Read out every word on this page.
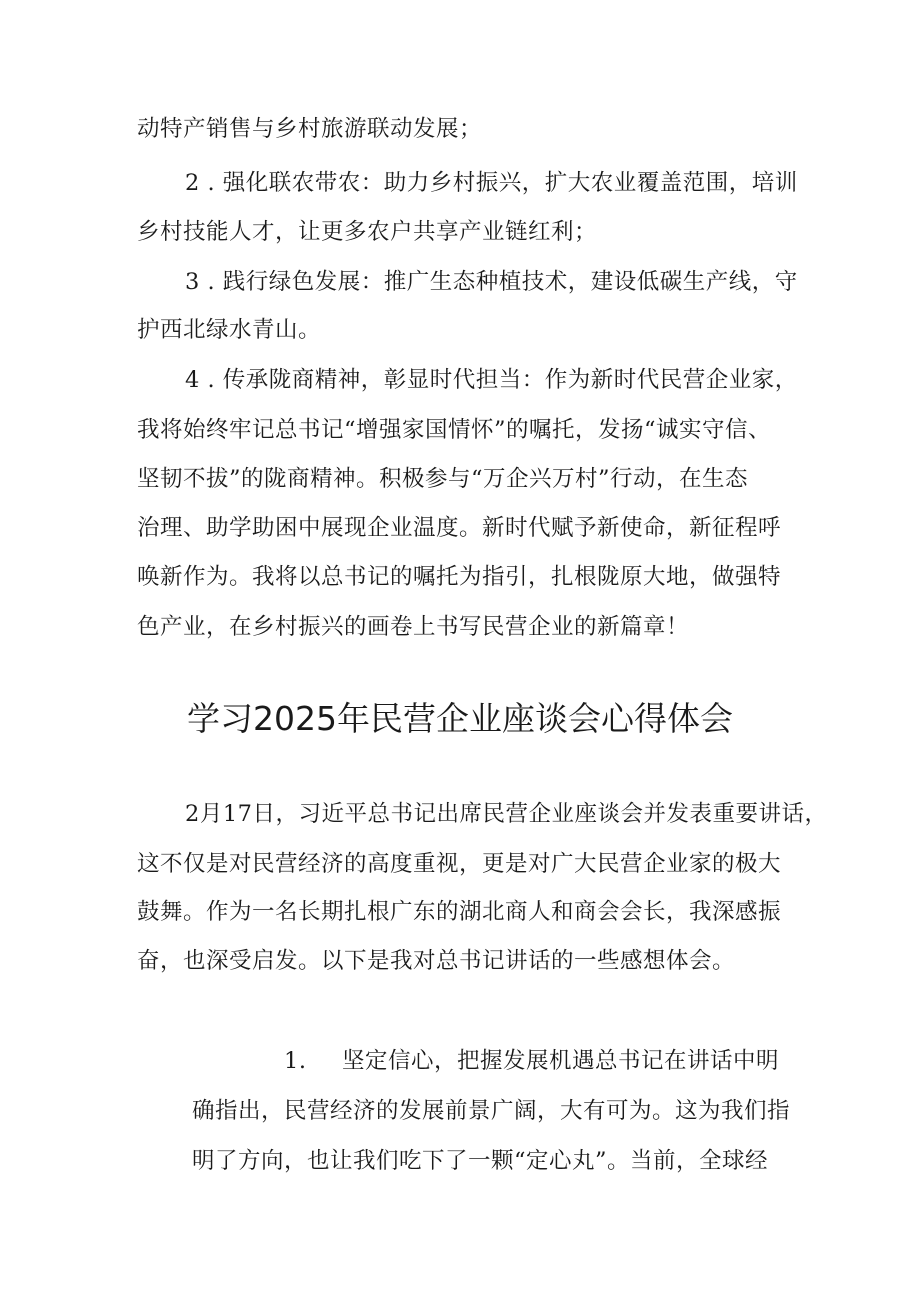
动特产销售与乡村旅游联动发展；
2 . 强化联农带农：助力乡村振兴，扩大农业覆盖范围，培训
乡村技能人才，让更多农户共享产业链红利；
3 . 践行绿色发展：推广生态种植技术，建设低碳生产线，守
护西北绿水青山。
4 . 传承陇商精神，彰显时代担当：作为新时代民营企业家，
我将始终牢记总书记“增强家国情怀”的嘱托，发扬“诚实守信、
坚韧不拔”的陇商精神。积极参与“万企兴万村”行动，在生态
治理、助学助困中展现企业温度。新时代赋予新使命，新征程呼
唤新作为。我将以总书记的嘱托为指引，扎根陇原大地，做强特
色产业，在乡村振兴的画卷上书写民营企业的新篇章！
学习2025年民营企业座谈会心得体会
2月17日，习近平总书记出席民营企业座谈会并发表重要讲话，
这不仅是对民营经济的高度重视，更是对广大民营企业家的极大
鼓舞。作为一名长期扎根广东的湖北商人和商会会长，我深感振
奋，也深受启发。以下是我对总书记讲话的一些感想体会。
1. 坚定信心，把握发展机遇总书记在讲话中明
确指出，民营经济的发展前景广阔，大有可为。这为我们指
明了方向，也让我们吃下了一颗“定心丸”。当前，全球经
